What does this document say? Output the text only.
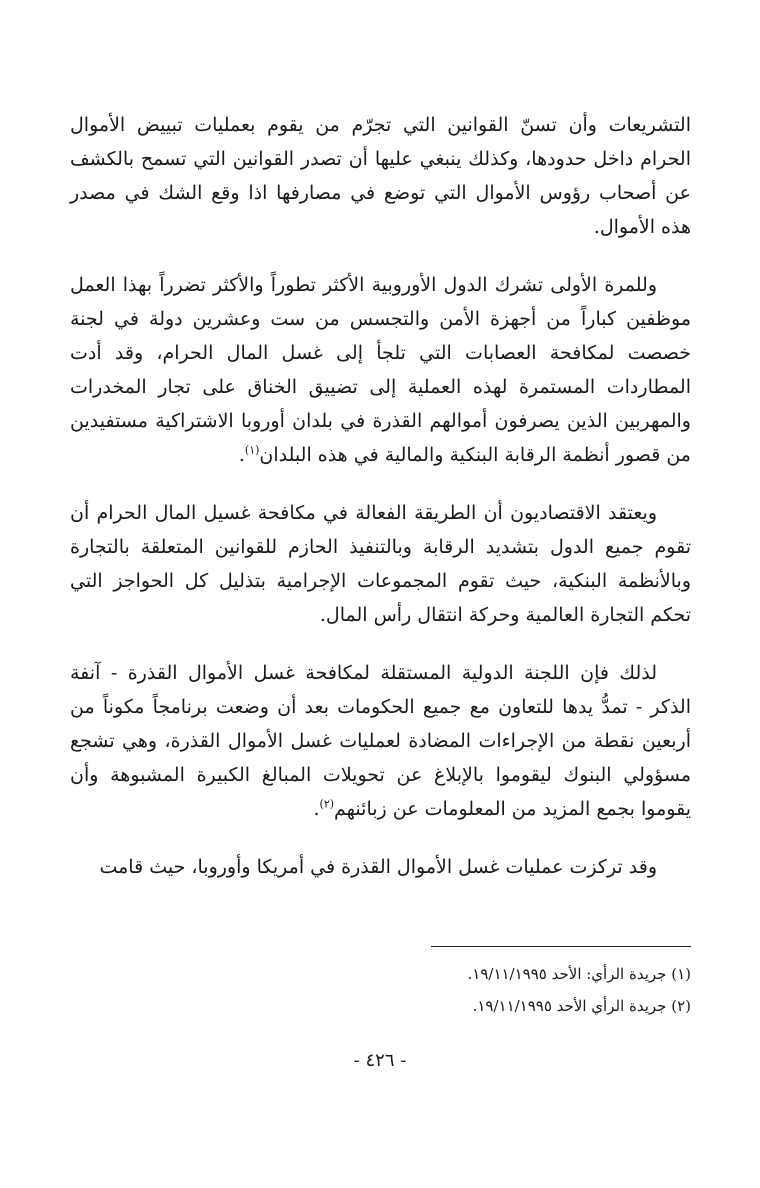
التشريعات وأن تسنّ القوانين التي تجرّم من يقوم بعمليات تبييض الأموال الحرام داخل حدودها، وكذلك ينبغي عليها أن تصدر القوانين التي تسمح بالكشف عن أصحاب رؤوس الأموال التي توضع في مصارفها اذا وقع الشك في مصدر هذه الأموال.

وللمرة الأولى تشرك الدول الأوروبية الأكثر تطوراً والأكثر تضرراً بهذا العمل موظفين كباراً من أجهزة الأمن والتجسس من ست وعشرين دولة في لجنة خصصت لمكافحة العصابات التي تلجأ إلى غسل المال الحرام، وقد أدت المطاردات المستمرة لهذه العملية إلى تضييق الخناق على تجار المخدرات والمهربين الذين يصرفون أموالهم القذرة في بلدان أوروبا الاشتراكية مستفيدين من قصور أنظمة الرقابة البنكية والمالية في هذه البلدان$^{(١)}$.

ويعتقد الاقتصاديون أن الطريقة الفعالة في مكافحة غسيل المال الحرام أن تقوم جميع الدول بتشديد الرقابة وبالتنفيذ الحازم للقوانين المتعلقة بالتجارة وبالأنظمة البنكية، حيث تقوم المجموعات الإجرامية بتذليل كل الحواجز التي تحكم التجارة العالمية وحركة انتقال رأس المال.

لذلك فإن اللجنة الدولية المستقلة لمكافحة غسل الأموال القذرة - آنفة الذكر - تمدُّ يدها للتعاون مع جميع الحكومات بعد أن وضعت برنامجاً مكوناً من أربعين نقطة من الإجراءات المضادة لعمليات غسل الأموال القذرة، وهي تشجع مسؤولي البنوك ليقوموا بالإبلاغ عن تحويلات المبالغ الكبيرة المشبوهة وأن يقوموا بجمع المزيد من المعلومات عن زبائنهم$^{(٢)}$.

وقد تركزت عمليات غسل الأموال القذرة في أمريكا وأوروبا، حيث قامت

(١) جريدة الرأي: الأحد ١٩/١١/١٩٩٥.

(٢) جريدة الرأي الأحد ١٩/١١/١٩٩٥.

- ٤٢٦ -
